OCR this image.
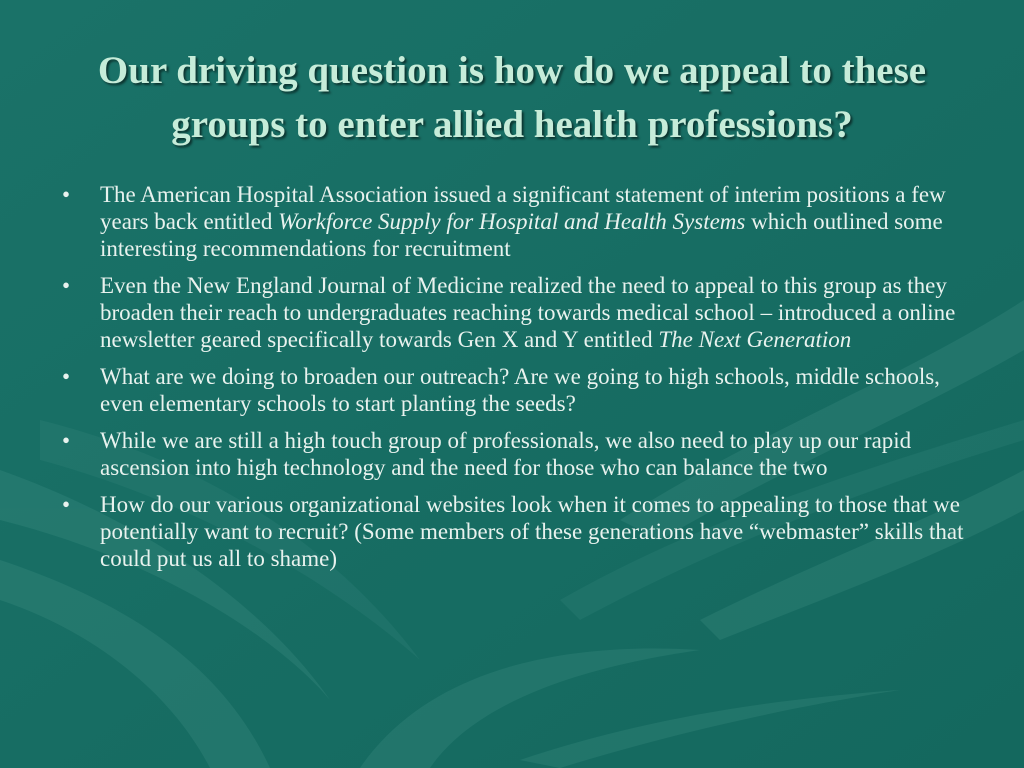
Our driving question is how do we appeal to these groups to enter allied health professions?
•	The American Hospital Association issued a significant statement of interim positions a few years back entitled Workforce Supply for Hospital and Health Systems which outlined some interesting recommendations for recruitment
•	Even the New England Journal of Medicine realized the need to appeal to this group as they broaden their reach to undergraduates reaching towards medical school – introduced a online newsletter geared specifically towards Gen X and Y entitled The Next Generation
•	What are we doing to broaden our outreach? Are we going to high schools, middle schools, even elementary schools to start planting the seeds?
•	While we are still a high touch group of professionals, we also need to play up our rapid ascension into high technology and the need for those who can balance the two
•	How do our various organizational websites look when it comes to appealing to those that we potentially want to recruit? (Some members of these generations have “webmaster” skills that could put us all to shame)
